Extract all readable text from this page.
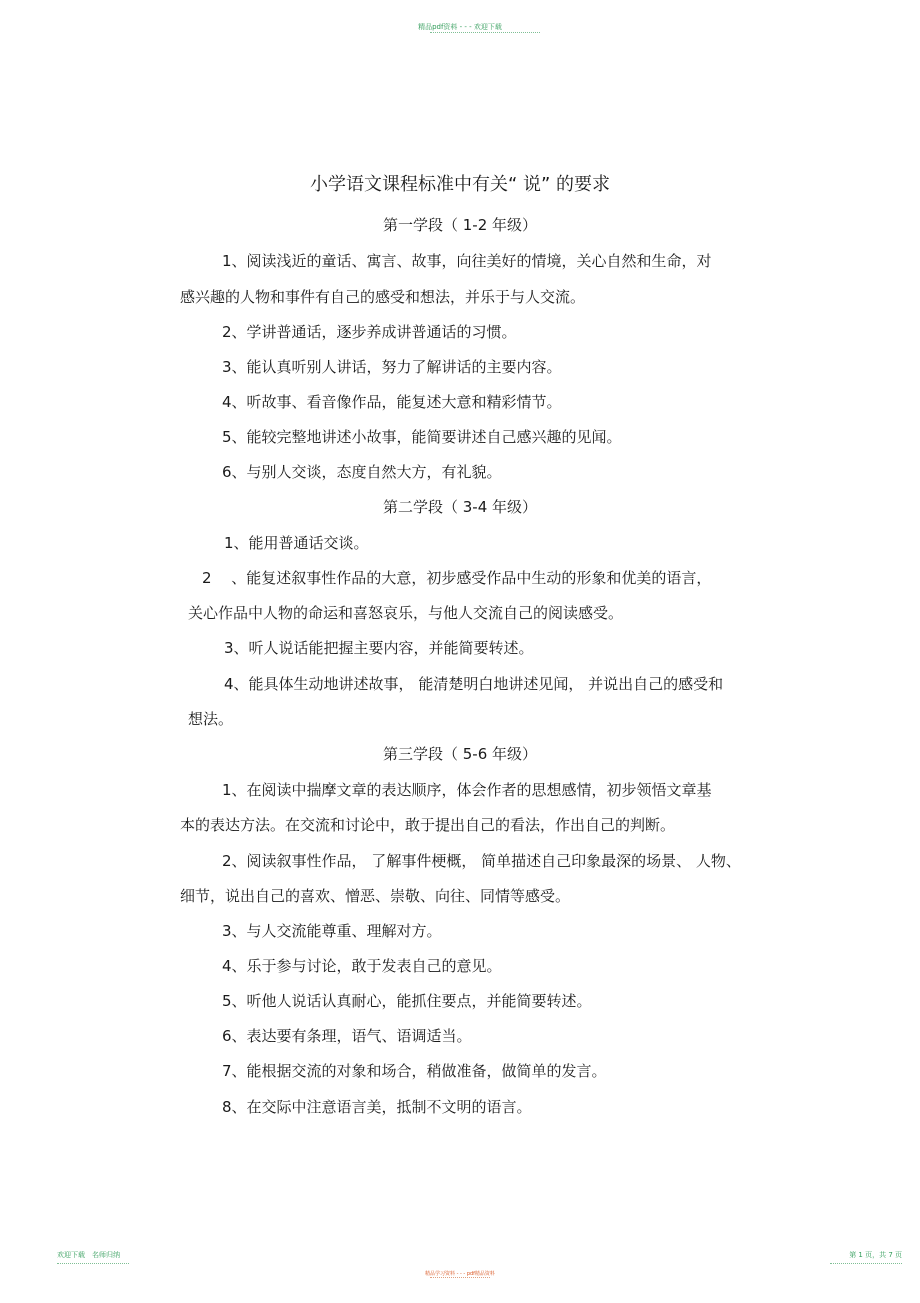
精品pdf资料 - - - 欢迎下载
小学语文课程标准中有关“ 说” 的要求
第一学段（ 1-2 年级）
1、阅读浅近的童话、寓言、故事，向往美好的情境，关心自然和生命，对
感兴趣的人物和事件有自己的感受和想法，并乐于与人交流。
2、学讲普通话，逐步养成讲普通话的习惯。
3、能认真听别人讲话，努力了解讲话的主要内容。
4、听故事、看音像作品，能复述大意和精彩情节。
5、能较完整地讲述小故事，能简要讲述自己感兴趣的见闻。
6、与别人交谈，态度自然大方，有礼貌。
第二学段（ 3-4 年级）
1、能用普通话交谈。
2　 、能复述叙事性作品的大意，初步感受作品中生动的形象和优美的语言，
关心作品中人物的命运和喜怒哀乐，与他人交流自己的阅读感受。
3、听人说话能把握主要内容，并能简要转述。
4、能具体生动地讲述故事， 能清楚明白地讲述见闻， 并说出自己的感受和
想法。
第三学段（ 5-6 年级）
1、在阅读中揣摩文章的表达顺序，体会作者的思想感情，初步领悟文章基
本的表达方法。在交流和讨论中，敢于提出自己的看法，作出自己的判断。
2、阅读叙事性作品， 了解事件梗概， 简单描述自己印象最深的场景、 人物、
细节，说出自己的喜欢、憎恶、崇敬、向往、同情等感受。
3、与人交流能尊重、理解对方。
4、乐于参与讨论，敢于发表自己的意见。
5、听他人说话认真耐心，能抓住要点，并能简要转述。
6、表达要有条理，语气、语调适当。
7、能根据交流的对象和场合，稍做准备，做简单的发言。
8、在交际中注意语言美，抵制不文明的语言。
欢迎下载　名师归纳
精品学习资料 - - - pdf精品资料
第 1 页，共 7 页
